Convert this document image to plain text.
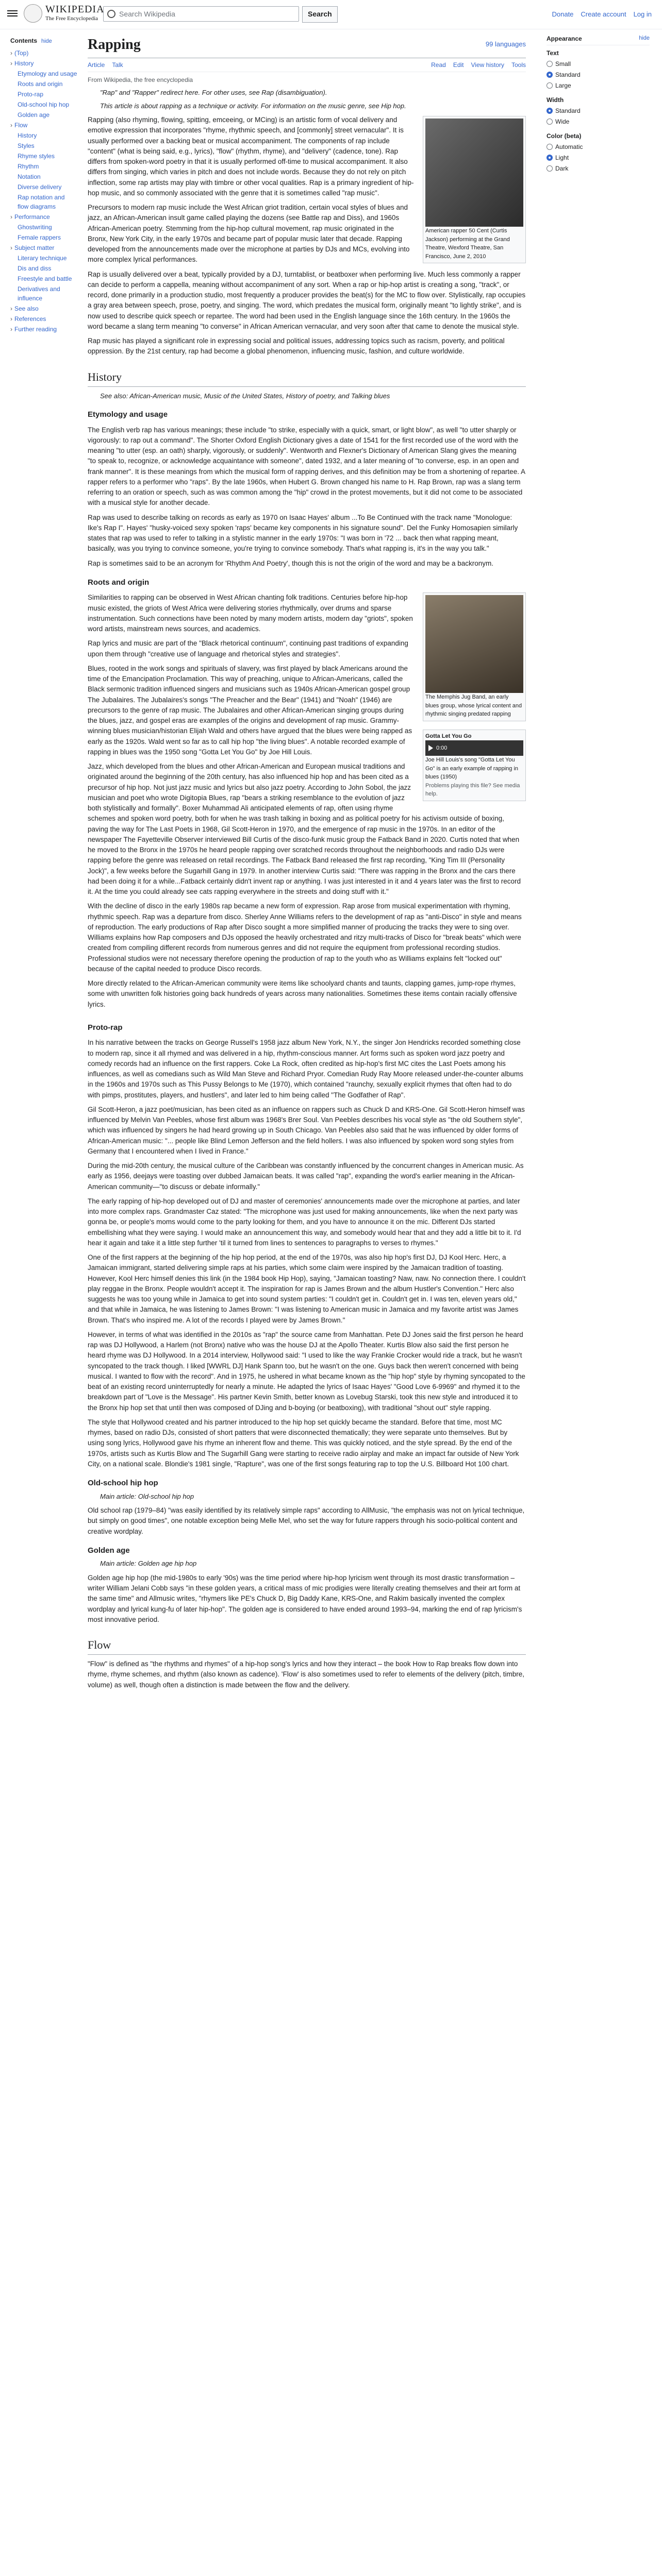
WIKIPEDIA
The Free Encyclopedia
Search Wikipedia	Search	Donate Create account Log in
Contents hide
› (Top)
› History
Etymology and usage
Roots and origin
Proto-rap
Old-school hip hop
Golden age
› Flow
History
Styles
Rhyme styles
Rhythm
Notation
Diverse delivery
Rap notation and flow diagrams
› Performance
Ghostwriting
Female rappers
› Subject matter
Literary technique
Dis and diss
Freestyle and battle
Derivatives and influence
› See also
› References
› Further reading
Rapping	99 languages
Article Talk	Read Edit View history Tools
From Wikipedia, the free encyclopedia
"Rap" and "Rapper" redirect here. For other uses, see Rap (disambiguation).
This article is about rapping as a technique or activity. For information on the music genre, see Hip hop.
American rapper 50 Cent (Curtis Jackson) performing at the Grand Theatre, Wexford Theatre, San Francisco, June 2, 2010

Rapping (also rhyming, flowing, spitting, emceeing, or MCing) is an artistic form of vocal delivery and emotive expression that incorporates "rhyme, rhythmic speech, and [commonly] street vernacular". It is usually performed over a backing beat or musical accompaniment. The components of rap include "content" (what is being said, e.g., lyrics), "flow" (rhythm, rhyme), and "delivery" (cadence, tone). Rap differs from spoken-word poetry in that it is usually performed off-time to musical accompaniment. It also differs from singing, which varies in pitch and does not include words. Because they do not rely on pitch inflection, some rap artists may play with timbre or other vocal qualities. Rap is a primary ingredient of hip-hop music, and so commonly associated with the genre that it is sometimes called "rap music".

Precursors to modern rap music include the West African griot tradition, certain vocal styles of blues and jazz, an African-American insult game called playing the dozens (see Battle rap and Diss), and 1960s African-American poetry. Stemming from the hip-hop cultural movement, rap music originated in the Bronx, New York City, in the early 1970s and became part of popular music later that decade. Rapping developed from the announcements made over the microphone at parties by DJs and MCs, evolving into more complex lyrical performances.

Rap is usually delivered over a beat, typically provided by a DJ, turntablist, or beatboxer when performing live. Much less commonly a rapper can decide to perform a cappella, meaning without accompaniment of any sort. When a rap or hip-hop artist is creating a song, "track", or record, done primarily in a production studio, most frequently a producer provides the beat(s) for the MC to flow over. Stylistically, rap occupies a gray area between speech, prose, poetry, and singing. The word, which predates the musical form, originally meant "to lightly strike", and is now used to describe quick speech or repartee. The word had been used in the English language since the 16th century. In the 1960s the word became a slang term meaning "to converse" in African American vernacular, and very soon after that came to denote the musical style.

Rap music has played a significant role in expressing social and political issues, addressing topics such as racism, poverty, and political oppression. By the 21st century, rap had become a global phenomenon, influencing music, fashion, and culture worldwide.

History
See also: African-American music, Music of the United States, History of poetry, and Talking blues
Etymology and usage

The English verb rap has various meanings; these include "to strike, especially with a quick, smart, or light blow", as well "to utter sharply or vigorously: to rap out a command". The Shorter Oxford English Dictionary gives a date of 1541 for the first recorded use of the word with the meaning "to utter (esp. an oath) sharply, vigorously, or suddenly". Wentworth and Flexner's Dictionary of American Slang gives the meaning "to speak to, recognize, or acknowledge acquaintance with someone", dated 1932, and a later meaning of "to converse, esp. in an open and frank manner". It is these meanings from which the musical form of rapping derives, and this definition may be from a shortening of repartee. A rapper refers to a performer who "raps". By the late 1960s, when Hubert G. Brown changed his name to H. Rap Brown, rap was a slang term referring to an oration or speech, such as was common among the "hip" crowd in the protest movements, but it did not come to be associated with a musical style for another decade.

Rap was used to describe talking on records as early as 1970 on Isaac Hayes' album ...To Be Continued with the track name "Monologue: Ike's Rap I". Hayes' "husky-voiced sexy spoken 'raps' became key components in his signature sound". Del the Funky Homosapien similarly states that rap was used to refer to talking in a stylistic manner in the early 1970s: "I was born in '72 ... back then what rapping meant, basically, was you trying to convince someone, you're trying to convince somebody. That's what rapping is, it's in the way you talk."

Rap is sometimes said to be an acronym for 'Rhythm And Poetry', though this is not the origin of the word and may be a backronym.

Roots and origin
The Memphis Jug Band, an early blues group, whose lyrical content and rhythmic singing predated rapping

Similarities to rapping can be observed in West African chanting folk traditions. Centuries before hip-hop music existed, the griots of West Africa were delivering stories rhythmically, over drums and sparse instrumentation. Such connections have been noted by many modern artists, modern day "griots", spoken word artists, mainstream news sources, and academics.

Rap lyrics and music are part of the "Black rhetorical continuum", continuing past traditions of expanding upon them through "creative use of language and rhetorical styles and strategies".

Gotta Let You Go
0:00
Joe Hill Louis's song "Gotta Let You Go" is an early example of rapping in blues (1950)
Problems playing this file? See media help.

Blues, rooted in the work songs and spirituals of slavery, was first played by black Americans around the time of the Emancipation Proclamation. This way of preaching, unique to African-Americans, called the Black sermonic tradition influenced singers and musicians such as 1940s African-American gospel group The Jubalaires. The Jubalaires's songs "The Preacher and the Bear" (1941) and "Noah" (1946) are precursors to the genre of rap music. The Jubalaires and other African-American singing groups during the blues, jazz, and gospel eras are examples of the origins and development of rap music. Grammy-winning blues musician/historian Elijah Wald and others have argued that the blues were being rapped as early as the 1920s. Wald went so far as to call hip hop "the living blues". A notable recorded example of rapping in blues was the 1950 song "Gotta Let You Go" by Joe Hill Louis.

Jazz, which developed from the blues and other African-American and European musical traditions and originated around the beginning of the 20th century, has also influenced hip hop and has been cited as a precursor of hip hop. Not just jazz music and lyrics but also jazz poetry. According to John Sobol, the jazz musician and poet who wrote Digitopia Blues, rap "bears a striking resemblance to the evolution of jazz both stylistically and formally". Boxer Muhammad Ali anticipated elements of rap, often using rhyme schemes and spoken word poetry, both for when he was trash talking in boxing and as political poetry for his activism outside of boxing, paving the way for The Last Poets in 1968, Gil Scott-Heron in 1970, and the emergence of rap music in the 1970s. In an editor of the newspaper The Fayetteville Observer interviewed Bill Curtis of the disco-funk music group the Fatback Band in 2020. Curtis noted that when he moved to the Bronx in the 1970s he heard people rapping over scratched records throughout the neighborhoods and radio DJs were rapping before the genre was released on retail recordings. The Fatback Band released the first rap recording, "King Tim III (Personality Jock)", a few weeks before the Sugarhill Gang in 1979. In another interview Curtis said: "There was rapping in the Bronx and the cars there had been doing it for a while...Fatback certainly didn't invent rap or anything. I was just interested in it and 4 years later was the first to record it. At the time you could already see cats rapping everywhere in the streets and doing stuff with it."

With the decline of disco in the early 1980s rap became a new form of expression. Rap arose from musical experimentation with rhyming, rhythmic speech. Rap was a departure from disco. Sherley Anne Williams refers to the development of rap as "anti-Disco" in style and means of reproduction. The early productions of Rap after Disco sought a more simplified manner of producing the tracks they were to sing over. Williams explains how Rap composers and DJs opposed the heavily orchestrated and ritzy multi-tracks of Disco for "break beats" which were created from compiling different records from numerous genres and did not require the equipment from professional recording studios. Professional studios were not necessary therefore opening the production of rap to the youth who as Williams explains felt "locked out" because of the capital needed to produce Disco records.

More directly related to the African-American community were items like schoolyard chants and taunts, clapping games, jump-rope rhymes, some with unwritten folk histories going back hundreds of years across many nationalities. Sometimes these items contain racially offensive lyrics.

Proto-rap

In his narrative between the tracks on George Russell's 1958 jazz album New York, N.Y., the singer Jon Hendricks recorded something close to modern rap, since it all rhymed and was delivered in a hip, rhythm-conscious manner. Art forms such as spoken word jazz poetry and comedy records had an influence on the first rappers. Coke La Rock, often credited as hip-hop's first MC cites the Last Poets among his influences, as well as comedians such as Wild Man Steve and Richard Pryor. Comedian Rudy Ray Moore released under-the-counter albums in the 1960s and 1970s such as This Pussy Belongs to Me (1970), which contained "raunchy, sexually explicit rhymes that often had to do with pimps, prostitutes, players, and hustlers", and later led to him being called "The Godfather of Rap".

Gil Scott-Heron, a jazz poet/musician, has been cited as an influence on rappers such as Chuck D and KRS-One. Gil Scott-Heron himself was influenced by Melvin Van Peebles, whose first album was 1968's Brer Soul. Van Peebles describes his vocal style as "the old Southern style", which was influenced by singers he had heard growing up in South Chicago. Van Peebles also said that he was influenced by older forms of African-American music: "... people like Blind Lemon Jefferson and the field hollers. I was also influenced by spoken word song styles from Germany that I encountered when I lived in France."

During the mid-20th century, the musical culture of the Caribbean was constantly influenced by the concurrent changes in American music. As early as 1956, deejays were toasting over dubbed Jamaican beats. It was called "rap", expanding the word's earlier meaning in the African-American community—"to discuss or debate informally."

The early rapping of hip-hop developed out of DJ and master of ceremonies' announcements made over the microphone at parties, and later into more complex raps. Grandmaster Caz stated: "The microphone was just used for making announcements, like when the next party was gonna be, or people's moms would come to the party looking for them, and you have to announce it on the mic. Different DJs started embellishing what they were saying. I would make an announcement this way, and somebody would hear that and they add a little bit to it. I'd hear it again and take it a little step further 'til it turned from lines to sentences to paragraphs to verses to rhymes."

One of the first rappers at the beginning of the hip hop period, at the end of the 1970s, was also hip hop's first DJ, DJ Kool Herc. Herc, a Jamaican immigrant, started delivering simple raps at his parties, which some claim were inspired by the Jamaican tradition of toasting. However, Kool Herc himself denies this link (in the 1984 book Hip Hop), saying, "Jamaican toasting? Naw, naw. No connection there. I couldn't play reggae in the Bronx. People wouldn't accept it. The inspiration for rap is James Brown and the album Hustler's Convention." Herc also suggests he was too young while in Jamaica to get into sound system parties: "I couldn't get in. Couldn't get in. I was ten, eleven years old," and that while in Jamaica, he was listening to James Brown: "I was listening to American music in Jamaica and my favorite artist was James Brown. That's who inspired me. A lot of the records I played were by James Brown."

However, in terms of what was identified in the 2010s as "rap" the source came from Manhattan. Pete DJ Jones said the first person he heard rap was DJ Hollywood, a Harlem (not Bronx) native who was the house DJ at the Apollo Theater. Kurtis Blow also said the first person he heard rhyme was DJ Hollywood. In a 2014 interview, Hollywood said: "I used to like the way Frankie Crocker would ride a track, but he wasn't syncopated to the track though. I liked [WWRL DJ] Hank Spann too, but he wasn't on the one. Guys back then weren't concerned with being musical. I wanted to flow with the record". And in 1975, he ushered in what became known as the "hip hop" style by rhyming syncopated to the beat of an existing record uninterruptedly for nearly a minute. He adapted the lyrics of Isaac Hayes' "Good Love 6-9969" and rhymed it to the breakdown part of "Love is the Message". His partner Kevin Smith, better known as Lovebug Starski, took this new style and introduced it to the Bronx hip hop set that until then was composed of DJing and b-boying (or beatboxing), with traditional "shout out" style rapping.

The style that Hollywood created and his partner introduced to the hip hop set quickly became the standard. Before that time, most MC rhymes, based on radio DJs, consisted of short patters that were disconnected thematically; they were separate unto themselves. But by using song lyrics, Hollywood gave his rhyme an inherent flow and theme. This was quickly noticed, and the style spread. By the end of the 1970s, artists such as Kurtis Blow and The Sugarhill Gang were starting to receive radio airplay and make an impact far outside of New York City, on a national scale. Blondie's 1981 single, "Rapture", was one of the first songs featuring rap to top the U.S. Billboard Hot 100 chart.

Old-school hip hop
Main article: Old-school hip hop

Old school rap (1979–84) "was easily identified by its relatively simple raps" according to AllMusic, "the emphasis was not on lyrical technique, but simply on good times", one notable exception being Melle Mel, who set the way for future rappers through his socio-political content and creative wordplay.

Golden age
Main article: Golden age hip hop

Golden age hip hop (the mid-1980s to early '90s) was the time period where hip-hop lyricism went through its most drastic transformation – writer William Jelani Cobb says "in these golden years, a critical mass of mic prodigies were literally creating themselves and their art form at the same time" and Allmusic writes, "rhymers like PE's Chuck D, Big Daddy Kane, KRS-One, and Rakim basically invented the complex wordplay and lyrical kung-fu of later hip-hop". The golden age is considered to have ended around 1993–94, marking the end of rap lyricism's most innovative period.

Flow

"Flow" is defined as "the rhythms and rhymes" of a hip-hop song's lyrics and how they interact – the book How to Rap breaks flow down into rhyme, rhyme schemes, and rhythm (also known as cadence). 'Flow' is also sometimes used to refer to elements of the delivery (pitch, timbre, volume) as well, though often a distinction is made between the flow and the delivery.

Appearance	hide
Text
Small
Standard
Large
Width
Standard
Wide
Color (beta)
Automatic
Light
Dark
